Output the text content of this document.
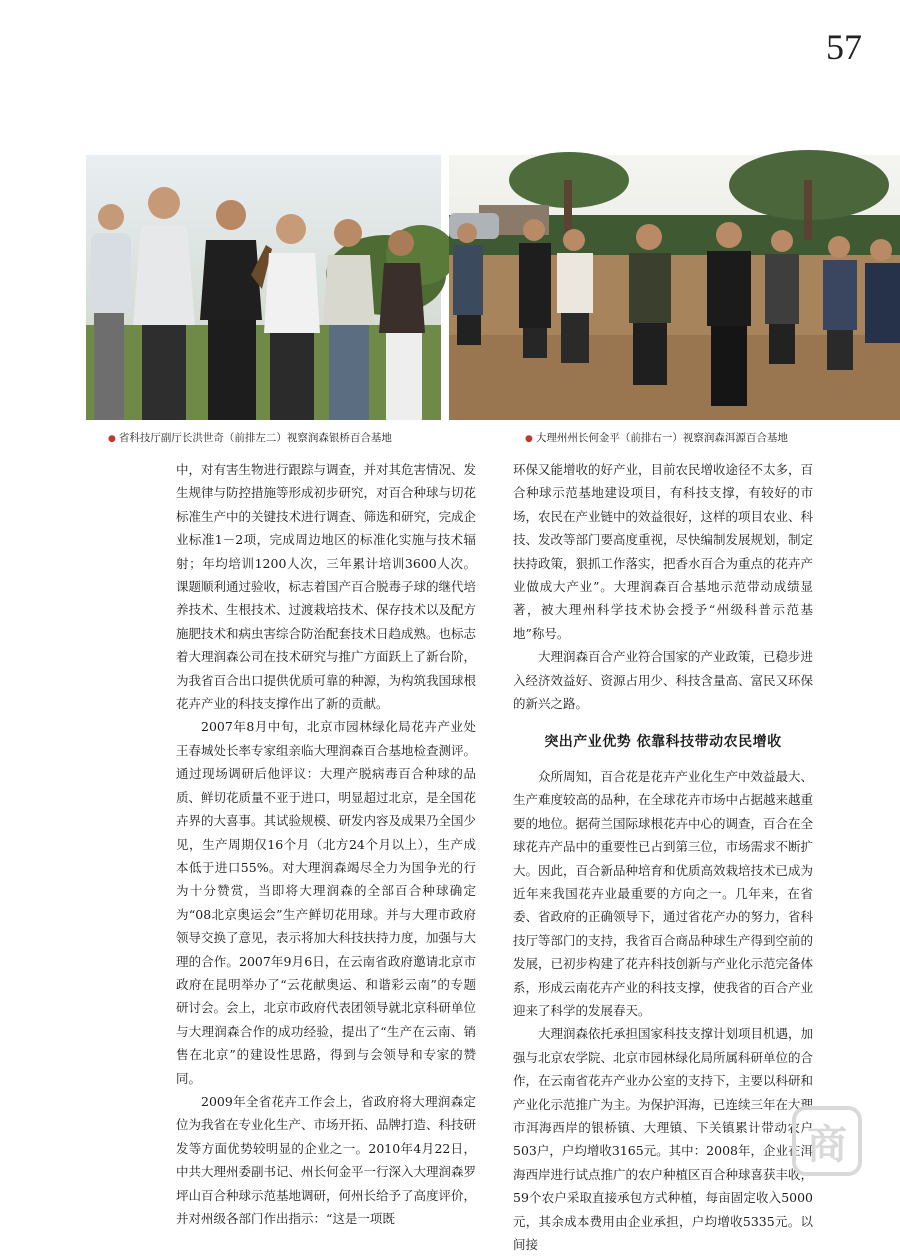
57
● 省科技厅副厅长洪世奇（前排左二）视察润森银桥百合基地	● 大理州州长何金平（前排右一）视察润森洱源百合基地

中，对有害生物进行跟踪与调查，并对其危害情况、发生规律与防控措施等形成初步研究，对百合种球与切花标准生产中的关键技术进行调查、筛选和研究，完成企业标准1－2项，完成周边地区的标准化实施与技术辐射；年均培训1200人次，三年累计培训3600人次。课题顺利通过验收，标志着国产百合脱毒子球的继代培养技术、生根技术、过渡栽培技术、保存技术以及配方施肥技术和病虫害综合防治配套技术日趋成熟。也标志着大理润森公司在技术研究与推广方面跃上了新台阶，为我省百合出口提供优质可靠的种源，为构筑我国球根花卉产业的科技支撑作出了新的贡献。

2007年8月中旬，北京市园林绿化局花卉产业处王春城处长率专家组亲临大理润森百合基地检查测评。通过现场调研后他评议：大理产脱病毒百合种球的品质、鲜切花质量不亚于进口，明显超过北京，是全国花卉界的大喜事。其试验规模、研发内容及成果乃全国少见，生产周期仅16个月（北方24个月以上），生产成本低于进口55%。对大理润森竭尽全力为国争光的行为十分赞赏，当即将大理润森的全部百合种球确定为“08北京奥运会”生产鲜切花用球。并与大理市政府领导交换了意见，表示将加大科技扶持力度，加强与大理的合作。2007年9月6日，在云南省政府邀请北京市政府在昆明举办了“云花献奥运、和谐彩云南”的专题研讨会。会上，北京市政府代表团领导就北京科研单位与大理润森合作的成功经验，提出了“生产在云南、销售在北京”的建设性思路，得到与会领导和专家的赞同。

2009年全省花卉工作会上，省政府将大理润森定位为我省在专业化生产、市场开拓、品牌打造、科技研发等方面优势较明显的企业之一。2010年4月22日，中共大理州委副书记、州长何金平一行深入大理润森罗坪山百合种球示范基地调研，何州长给予了高度评价，并对州级各部门作出指示：“这是一项既

环保又能增收的好产业，目前农民增收途径不太多，百合种球示范基地建设项目，有科技支撑，有较好的市场，农民在产业链中的效益很好，这样的项目农业、科技、发改等部门要高度重视，尽快编制发展规划，制定扶持政策，狠抓工作落实，把香水百合为重点的花卉产业做成大产业”。大理润森百合基地示范带动成绩显著，被大理州科学技术协会授予“州级科普示范基地”称号。

大理润森百合产业符合国家的产业政策，已稳步进入经济效益好、资源占用少、科技含量高、富民又环保的新兴之路。

突出产业优势 依靠科技带动农民增收

众所周知，百合花是花卉产业化生产中效益最大、生产难度较高的品种，在全球花卉市场中占据越来越重要的地位。据荷兰国际球根花卉中心的调查，百合在全球花卉产品中的重要性已占到第三位，市场需求不断扩大。因此，百合新品种培育和优质高效栽培技术已成为近年来我国花卉业最重要的方向之一。几年来，在省委、省政府的正确领导下，通过省花产办的努力，省科技厅等部门的支持，我省百合商品种球生产得到空前的发展，已初步构建了花卉科技创新与产业化示范完备体系，形成云南花卉产业的科技支撑，使我省的百合产业迎来了科学的发展春天。

大理润森依托承担国家科技支撑计划项目机遇，加强与北京农学院、北京市园林绿化局所属科研单位的合作，在云南省花卉产业办公室的支持下，主要以科研和产业化示范推广为主。为保护洱海，已连续三年在大理市洱海西岸的银桥镇、大理镇、下关镇累计带动农户503户，户均增收3165元。其中：2008年，企业在洱海西岸进行试点推广的农户种植区百合种球喜获丰收，59个农户采取直接承包方式种植，每亩固定收入5000元，其余成本费用由企业承担，户均增收5335元。以间接

商
